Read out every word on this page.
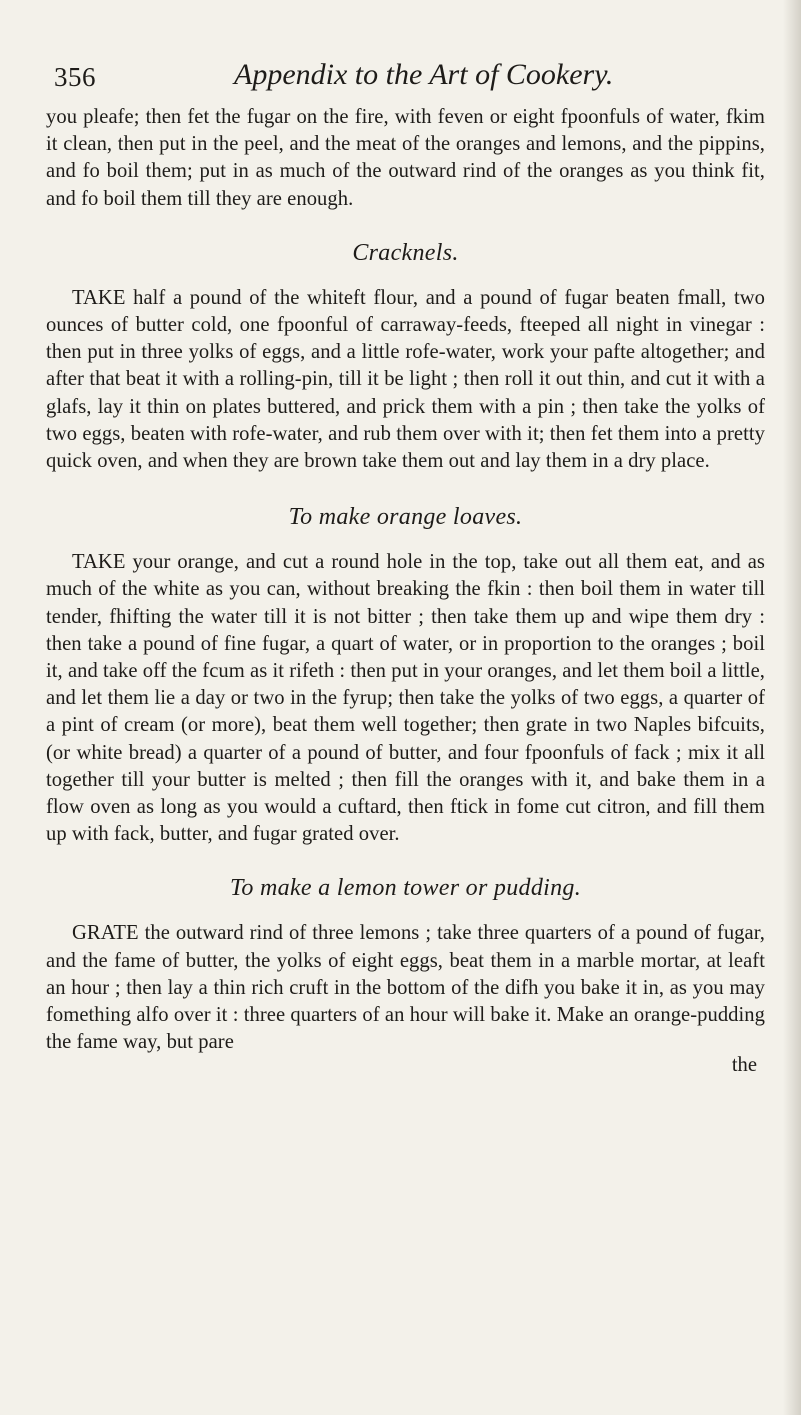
356	Appendix to the Art of Cookery.

you pleafe; then fet the fugar on the fire, with feven or eight fpoonfuls of water, fkim it clean, then put in the peel, and the meat of the oranges and lemons, and the pippins, and fo boil them; put in as much of the outward rind of the oranges as you think fit, and fo boil them till they are enough.

Cracknels.

TAKE half a pound of the whiteft flour, and a pound of fugar beaten fmall, two ounces of butter cold, one fpoonful of carraway-feeds, fteeped all night in vinegar : then put in three yolks of eggs, and a little rofe-water, work your pafte altogether; and after that beat it with a rolling-pin, till it be light ; then roll it out thin, and cut it with a glafs, lay it thin on plates buttered, and prick them with a pin ; then take the yolks of two eggs, beaten with rofe-water, and rub them over with it; then fet them into a pretty quick oven, and when they are brown take them out and lay them in a dry place.

To make orange loaves.

TAKE your orange, and cut a round hole in the top, take out all them eat, and as much of the white as you can, without breaking the fkin : then boil them in water till tender, fhifting the water till it is not bitter ; then take them up and wipe them dry : then take a pound of fine fugar, a quart of water, or in proportion to the oranges ; boil it, and take off the fcum as it rifeth : then put in your oranges, and let them boil a little, and let them lie a day or two in the fyrup; then take the yolks of two eggs, a quarter of a pint of cream (or more), beat them well together; then grate in two Naples bifcuits, (or white bread) a quarter of a pound of butter, and four fpoonfuls of fack ; mix it all together till your butter is melted ; then fill the oranges with it, and bake them in a flow oven as long as you would a cuftard, then ftick in fome cut citron, and fill them up with fack, butter, and fugar grated over.

To make a lemon tower or pudding.

GRATE the outward rind of three lemons ; take three quarters of a pound of fugar, and the fame of butter, the yolks of eight eggs, beat them in a marble mortar, at leaft an hour ; then lay a thin rich cruft in the bottom of the difh you bake it in, as you may fomething alfo over it : three quarters of an hour will bake it. Make an orange-pudding the fame way, but pare

the
